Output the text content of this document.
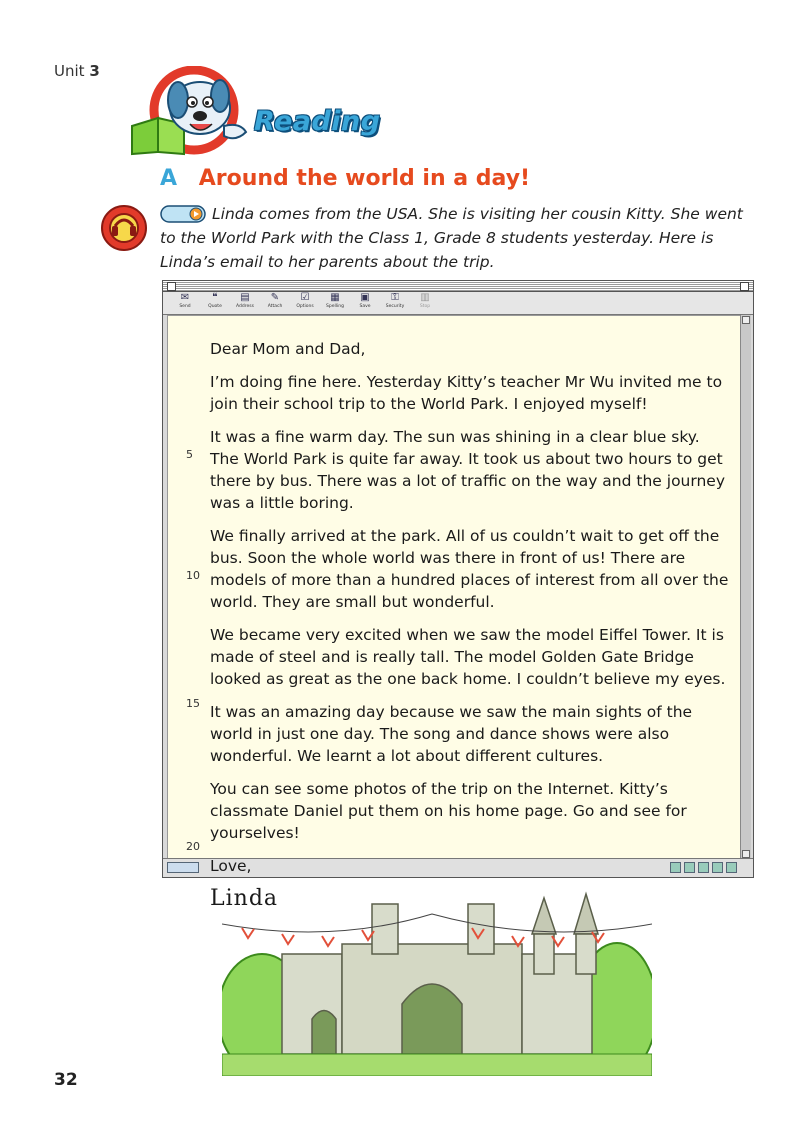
Unit 3
Reading
A Around the world in a day!
Linda comes from the USA. She is visiting her cousin Kitty. She went to the World Park with the Class 1, Grade 8 students yesterday. Here is Linda’s email to her parents about the trip.
✉
Send
❝
Quote
▤
Address
✎
Attach
☑
Options
▦
Spelling
▣
Save
⚿
Security
▥
Stop

Dear Mom and Dad,

I’m doing fine here. Yesterday Kitty’s teacher Mr Wu invited me to join their school trip to the World Park. I enjoyed myself!

It was a fine warm day. The sun was shining in a clear blue sky. The World Park is quite far away. It took us about two hours to get there by bus. There was a lot of traffic on the way and the journey was a little boring.

We finally arrived at the park. All of us couldn’t wait to get off the bus. Soon the whole world was there in front of us! There are models of more than a hundred places of interest from all over the world. They are small but wonderful.

We became very excited when we saw the model Eiffel Tower. It is made of steel and is really tall. The model Golden Gate Bridge looked as great as the one back home. I couldn’t believe my eyes.

It was an amazing day because we saw the main sights of the world in just one day. The song and dance shows were also wonderful. We learnt a lot about different cultures.

You can see some photos of the trip on the Internet. Kitty’s classmate Daniel put them on his home page. Go and see for yourselves!

Love,

Linda

5
10
15
20
32
